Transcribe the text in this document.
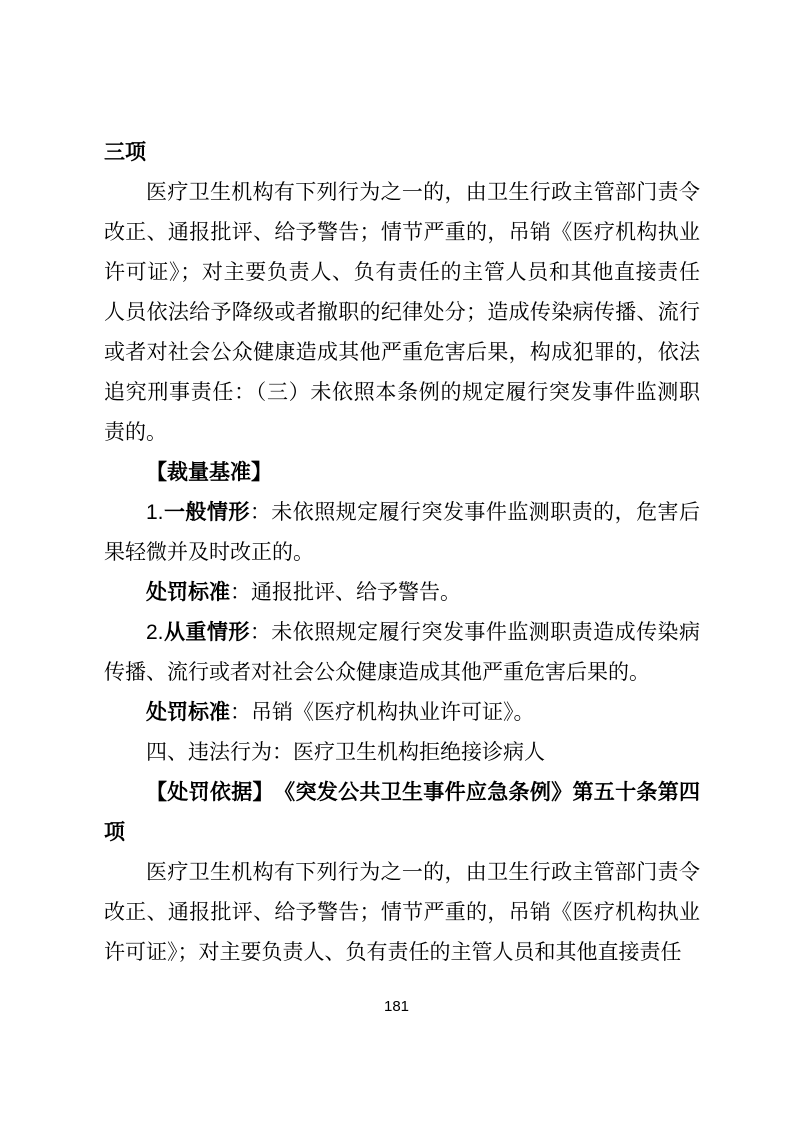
三项

医疗卫生机构有下列行为之一的，由卫生行政主管部门责令改正、通报批评、给予警告；情节严重的，吊销《医疗机构执业许可证》；对主要负责人、负有责任的主管人员和其他直接责任人员依法给予降级或者撤职的纪律处分；造成传染病传播、流行或者对社会公众健康造成其他严重危害后果，构成犯罪的，依法追究刑事责任：（三）未依照本条例的规定履行突发事件监测职责的。

【裁量基准】

1.一般情形：未依照规定履行突发事件监测职责的，危害后果轻微并及时改正的。

处罚标准：通报批评、给予警告。

2.从重情形：未依照规定履行突发事件监测职责造成传染病传播、流行或者对社会公众健康造成其他严重危害后果的。

处罚标准：吊销《医疗机构执业许可证》。

四、违法行为：医疗卫生机构拒绝接诊病人

【处罚依据】　《突发公共卫生事件应急条例》第五十条第四项

医疗卫生机构有下列行为之一的，由卫生行政主管部门责令改正、通报批评、给予警告；情节严重的，吊销《医疗机构执业许可证》；对主要负责人、负有责任的主管人员和其他直接责任

181
